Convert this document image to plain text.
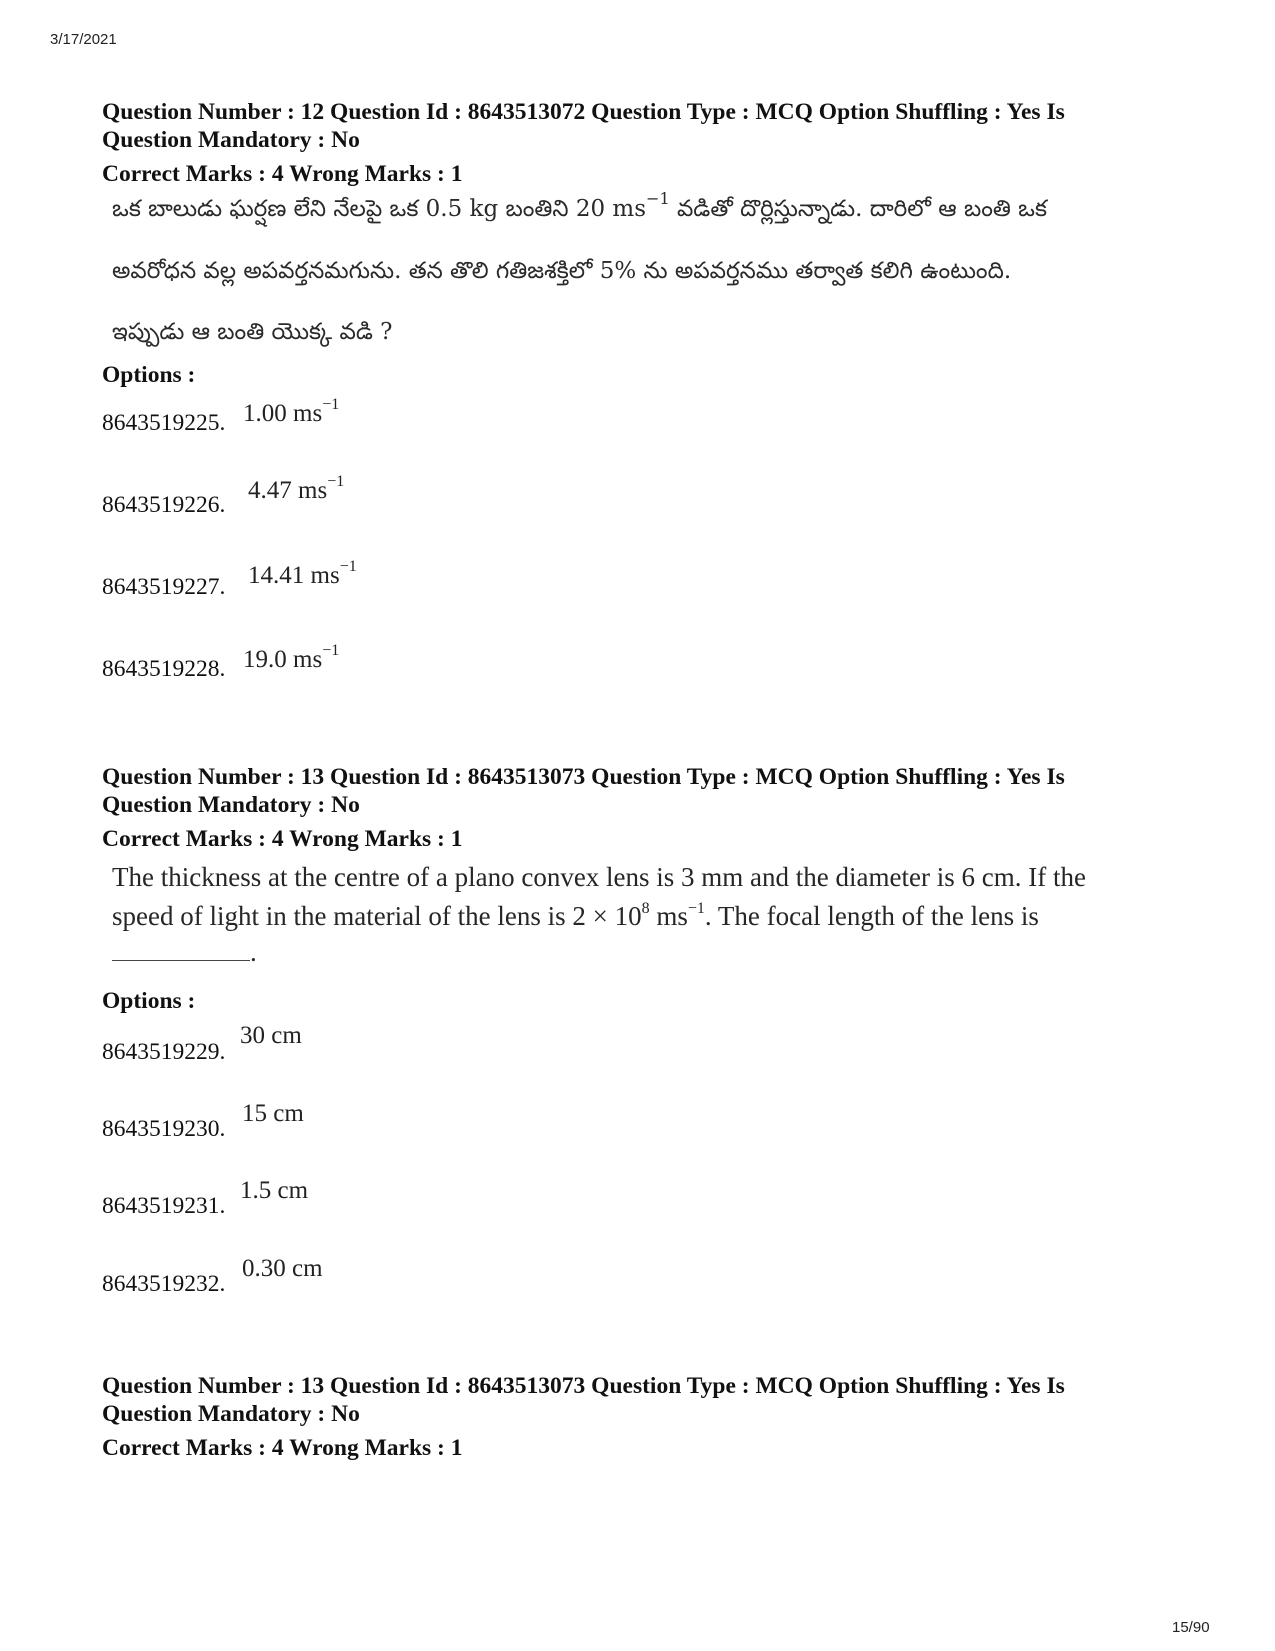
3/17/2021
Question Number : 12 Question Id : 8643513072 Question Type : MCQ Option Shuffling : Yes Is
Question Mandatory : No
Correct Marks : 4 Wrong Marks : 1
ఒక బాలుడు ఘర్షణ లేని నేలపై ఒక 0.5 kg బంతిని 20 $ms^{-1}$ వడితో దొర్లిస్తున్నాడు. దారిలో ఆ బంతి ఒక
అవరోధన వల్ల అపవర్తనమగును. తన తొలి గతిజశక్తిలో 5% ను అపవర్తనము తర్వాత కలిగి ఉంటుంది.
ఇప్పుడు ఆ బంతి యొక్క వడి ?
Options :
8643519225. 1.00 $ms^{-1}$
8643519226.
4.47 $ms^{-1}$
8643519227. 14.41 $ms^{-1}$
8643519228. 19.0 $ms^{-1}$
Question Number : 13 Question Id : 8643513073 Question Type : MCQ Option Shuffling : Yes Is
Question Mandatory : No
Correct Marks : 4 Wrong Marks : 1
The thickness at the centre of a plano convex lens is 3 mm and the diameter is 6 cm. If the
speed of light in the material of the lens is $2 \times 10^8$ $ms^{-1}$. The focal length of the lens is
.
Options :
8643519229.
30 cm
8643519230.
15 cm
8643519231.
1.5 cm
8643519232.
0.30 cm
Question Number : 13 Question Id : 8643513073 Question Type : MCQ Option Shuffling : Yes Is
Question Mandatory : No
Correct Marks : 4 Wrong Marks : 1
15/90
